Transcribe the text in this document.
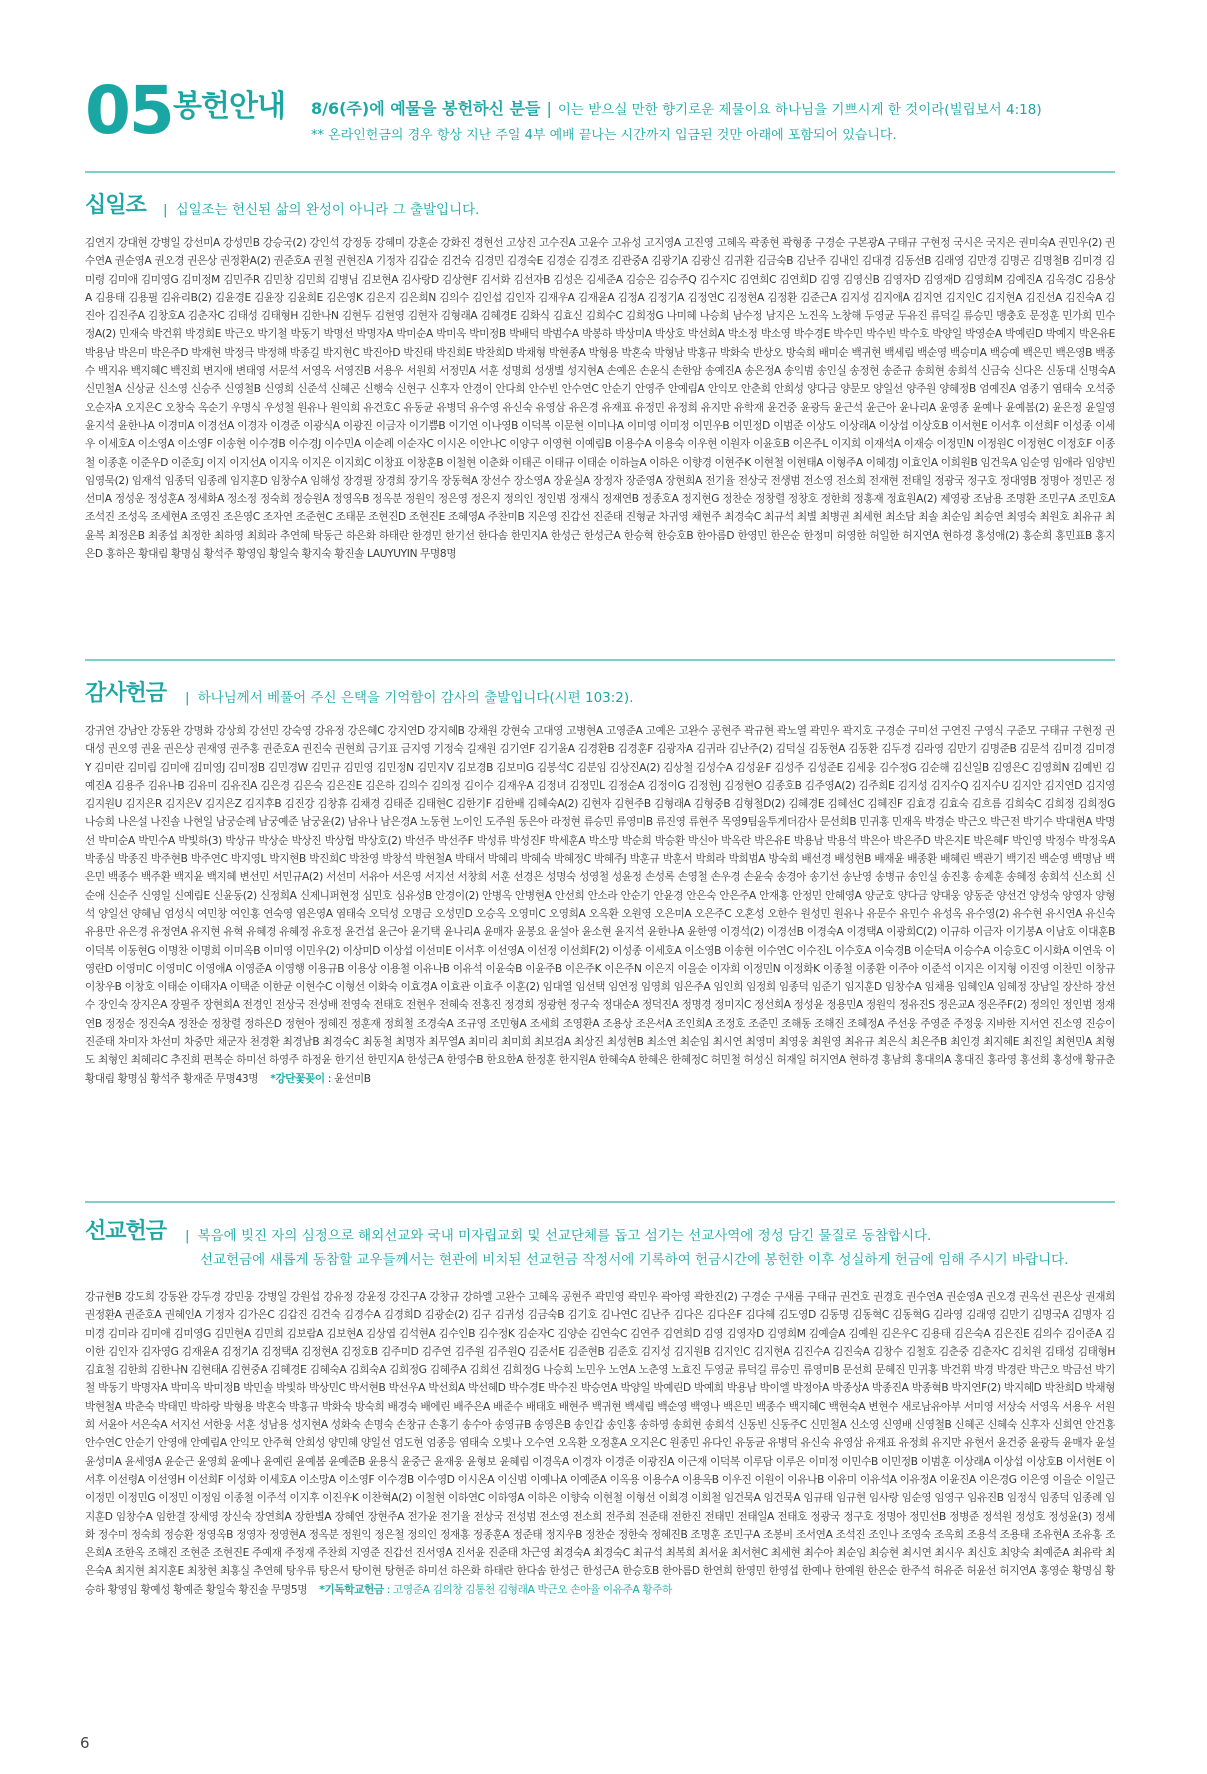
05 봉헌안내 8/6(주)에 예물을 봉헌하신 분들 | 이는 받으실 만한 향기로운 제물이요 하나님을 기쁘시게 한 것이라(빌립보서 4:18)
** 온라인헌금의 경우 항상 지난 주일 4부 예배 끝나는 시간까지 입금된 것만 아래에 포함되어 있습니다.
십일조 | 십일조는 헌신된 삶의 완성이 아니라 그 출발입니다.
김연지 강대현 강병일 강선미A 강성민B 강승국(2) 강인석 강정동 강혜미 강훈순 강화진 경현선 고상진 고수진A 고윤수 고유성 고지영A 고진영 고혜옥 곽종현 곽형종 구경순 구본광A 구태규 구현정 국시은 국지은 권미숙A 권민우(2) 권수연A 권순영A 권오경 권은상 권정환A(2) 권준호A 권철 권현진A 기정자 김갑순 김건숙 김경민 김경숙E 김경순 김경조 김관중A 김광기A 김광신 김귀환 김금숙B 김난주 김내인 김대경 김동선B 김래영 김만경 김명곤 김명철B 김미경 김미령 김미애 김미영G 김미정M 김민주R 김민창 김민희 김병님 김보현A 김사랑D 김상현F 김서화 김선자B 김성은 김세준A 김승은 김승주Q 김수지C 김연희C 김연희D 김영 김영신B 김영자D 김영재D 김영희M 김예진A 김옥경C 김용상A 김용태 김용필 김유리B(2) 김윤경E 김윤장 김윤희E 김은영K 김은지 김은희N 김의수 김인섭 김인자 김재우A 김재윤A 김정A 김정기A 김정연C 김정현A 김정환 김준근A 김지성 김지애A 김지연 김지인C 김지현A 김진선A 김진숙A 김진아 김진주A 김창호A 김춘자C 김태성 김태형H 김한나N 김현두 김현영 김현자 김형래A 김혜경E 김화식 김효신 김희수C 김희정G 나미혜 나승희 남수정 남지은 노진옥 노창해 두영균 두유진 류덕길 류승민 맹충호 문정훈 민가희 민수정A(2) 민재숙 박건휘 박경희E 박근오 박기철 박동기 박명선 박명자A 박미순A 박미옥 박미정B 박배덕 박범수A 박봉하 박상미A 박상호 박선희A 박소정 박소영 박수경E 박수민 박수빈 박수호 박양일 박영순A 박예린D 박예지 박온유E 박용남 박은미 박은주D 박재현 박정극 박정해 박종길 박지현C 박진아D 박진태 박진희E 박찬희D 박채형 박현종A 박형용 박혼숙 박형남 박홍규 박화숙 반상오 방숙희 배미순 백귀현 백세림 백순영 백승미A 백승예 백은민 백은영B 백종수 백지유 백지혜C 백진희 변지애 변태영 서문석 서영옥 서영진B 서용우 서원희 서정민A 서훈 성명희 성생별 성지현A 손예은 손운식 손한암 송예진A 송은정A 송익범 송인실 송정현 송준규 송희현 송희석 신금숙 신다은 신동대 신명숙A 신민철A 신상균 신소영 신승주 신영철B 신영희 신준석 신혜곤 신행숙 신현구 신후자 안경이 안다희 안수빈 안수연C 안순기 안영주 안예림A 안익모 안춘희 안희성 양다금 양문모 양일선 양주원 양혜정B 엄예진A 엄종기 염태숙 오석중 오순자A 오지은C 오창숙 옥순기 우명식 우성철 원유나 원익희 유건호C 유동균 유병덕 유수영 유신숙 유영삼 유은경 유재표 유정민 유정희 유지만 유학재 윤건중 윤광득 윤근석 윤근아 윤나리A 윤영종 윤예나 윤예봄(2) 윤은정 윤일영 윤지석 윤한나A 이경미A 이경선A 이경자 이경준 이광식A 이광진 이금자 이기쁨B 이기연 이나영B 이덕복 이문현 이미나A 이미영 이미정 이민우B 이민정D 이범준 이상도 이상래A 이상섭 이상호B 이서현E 이서후 이선희F 이성종 이세우 이세호A 이소영A 이소영F 이송현 이수경B 이수경J 이수민A 이순례 이순자C 이시온 이안나C 이양구 이영현 이예림B 이용수A 이용숙 이우현 이원자 이윤호B 이은주L 이지희 이재석A 이재승 이정민N 이정원C 이정현C 이정호F 이종철 이종훈 이준우D 이준호J 이지 이지선A 이지욱 이지은 이지희C 이창표 이창훈B 이철현 이춘화 이태곤 이태규 이태순 이하늘A 이하은 이향경 이현주K 이현철 이현태A 이형주A 이혜경J 이효인A 이희원B 임건욱A 임순영 임애라 임양빈 임영묵(2) 임재석 임종덕 임종례 임지훈D 임창수A 임해성 장경필 장경희 장기옥 장동혁A 장선수 장소영A 장윤실A 장정자 장준영A 장현희A 전기율 전상국 전생범 전소영 전소희 전재현 전태일 정광국 정구호 정대영B 정명아 정민곤 정선미A 정성운 정성훈A 정세화A 정소정 정숙희 정승원A 정영옥B 정옥분 정원익 정은영 정은지 정의인 정인범 정재식 정재연B 정종호A 정지현G 정찬순 정창렬 정창호 정한희 정홍재 정효원A(2) 제영광 조남용 조명환 조민구A 조민호A 조석진 조성옥 조세현A 조영진 조은영C 조자연 조준현C 조태문 조현진D 조현진E 조혜영A 주찬미B 지은영 진갑선 진준태 진형균 차귀영 채현주 최경숙C 최규석 최별 최병권 최세현 최소담 최솔 최순임 최승연 최영숙 최원호 최유규 최윤복 최정은B 최종섭 최정한 최하영 최희라 추연혜 탁동근 하은화 하태란 한경민 한기선 한다솜 한민지A 한성근 한성근A 한승혁 한승호B 한아름D 한영민 한은순 한정미 허영한 허일한 허지연A 현하경 홍성애(2) 홍순희 홍민표B 홍지은D 홍하은 황대림 황명심 황석주 황영임 황일숙 황지숙 황진솔 LAUYUYIN 무명8명
감사헌금 | 하나님께서 베풀어 주신 은택을 기억함이 감사의 출발입니다(시편 103:2).
강귀연 강남안 강동완 강명화 강상희 강선민 강숙영 강유정 강은혜C 강지연D 강지혜B 강채원 강현숙 고대영 고병현A 고영준A 고예은 고완수 공현주 곽규현 곽노열 곽민우 곽지호 구경순 구미선 구연진 구영식 구준모 구태규 구현정 권대성 권오영 권윤 권은상 권재영 권주홍 권준호A 권진숙 권현희 금기표 금지영 기정숙 길재원 김기연F 김기윤A 김경환B 김경훈F 김광자A 김귀라 김난주(2) 김덕실 김동현A 김동환 김두경 김라영 김만기 김명준B 김문석 김미경 김미경Y 김미란 김미림 김미애 김미영J 김미정B 김민경W 김민규 김민영 김민정N 김민지V 김보경B 김보미G 김봉석C 김분임 김상진A(2) 김상철 김성수A 김성윤F 김성주 김성준E 김세웅 김수정G 김순해 김신일B 김영은C 김영희N 김예빈 김예진A 김용주 김유나B 김유미 김유진A 김은경 김은숙 김은진E 김은하 김의수 김의정 김이수 김재우A 김정녀 김정민L 김정순A 김정이G 김정현J 김정현O 김종호B 김주영A(2) 김주희E 김지성 김지수Q 김지수U 김지안 김지연D 김지영 김지원U 김지은R 김지은V 김지은Z 김지후B 김진강 김창휴 김채경 김태준 김태현C 김한기F 김한배 김혜숙A(2) 김현자 김현주B 김형래A 김형중B 김형철D(2) 김혜경E 김혜선C 김혜진F 김효경 김효숙 김흐름 김희숙C 김희정 김희정G 나승희 나은설 나진솔 나현일 남궁순례 남궁예준 남궁윤(2) 남유나 남은경A 노동현 노이인 도주원 동은아 라정현 류승민 류영미B 류진영 류현주 목영9팀올투게더감사 문선희B 민귀홍 민재옥 박경순 박근오 박근전 박기수 박대현A 박명선 박미순A 박민수A 박빛하(3) 박상규 박상순 박상진 박상협 박상호(2) 박선주 박선주F 박성류 박성진F 박세훈A 박소망 박순희 박승환 박신아 박옥란 박은유E 박용남 박용석 박은아 박은주D 박은지E 박은혜F 박인영 박정수 박정욱A 박종심 박종진 박주현B 박주연C 박지영L 박지현B 박진희C 박찬영 박창석 박현철A 박태서 박혜리 박혜숙 박혜정C 박혜주J 박훈규 박훈서 박희라 박희범A 방숙희 배선경 배성현B 배재윤 배종환 배혜린 백관기 백기진 백순영 백명남 백은민 백종수 백주환 백지윤 백지혜 변선민 서민규A(2) 서선미 서유아 서은영 서지선 서창희 서훈 선경은 성명숙 성영철 성윤정 손성록 손영철 손우경 손윤숙 송경아 송기선 송난영 송병규 송인실 송진홍 송제훈 송혜정 송희석 신소희 신순애 신순주 신영일 신예림E 신윤동(2) 신정희A 신제니퍼현정 심민호 심유성B 안경이(2) 안병옥 안병현A 안선희 안소라 안순기 안윤경 안은숙 안은주A 안재홍 안정민 안혜영A 양군호 양다금 양대웅 양동준 양선건 양성숙 양영자 양형석 양일선 양혜님 엄성식 여민창 여인홍 연숙영 염은영A 염태숙 오덕성 오명금 오성민D 오승옥 오영미C 오영희A 오옥환 오원영 오은미A 오은주C 오혼성 오한수 원성민 원유나 유문수 유민수 유성옥 유수영(2) 유수현 유시연A 유신숙 유용만 유은경 유정연A 유지현 유혁 유혜경 유혜정 유호정 윤건섭 윤근아 윤기택 윤나리A 윤매자 윤봉요 윤설아 윤소현 윤지석 윤한나A 윤한영 이경석(2) 이경선B 이경숙A 이경택A 이광희C(2) 이규하 이금자 이기봉A 이남호 이대훈B 이덕복 이동현G 이명찬 이명희 이미옥B 이미영 이민우(2) 이상미D 이상섭 이선미E 이서후 이선영A 이선정 이선희F(2) 이성종 이세호A 이소영B 이송현 이수연C 이수진L 이수호A 이숙경B 이순덕A 이승수A 이승호C 이시화A 이연욱 이영란D 이영미C 이영미C 이영애A 이영준A 이영행 이용규B 이용상 이용철 이유나B 이유석 이윤숙B 이윤주B 이은주K 이은주N 이은지 이을순 이자희 이정민N 이정화K 이종철 이종환 이주아 이준석 이지은 이지형 이진영 이찬민 이창규 이창우B 이창호 이태순 이태자A 이택준 이한균 이현수C 이형선 이화숙 이효경A 이효관 이효주 이훈(2) 임대열 임선택 임연정 임영희 임은주A 임인희 임정희 임종덕 임준기 임지훈D 임창수A 임채용 임혜인A 임혜정 장남일 장산하 장선수 장인숙 장지은A 장필주 장현희A 전경인 전상국 전성배 전영숙 전태호 전현우 전혜숙 전홍진 정경희 정광현 정구숙 정대순A 정덕진A 정명경 정미지C 정선희A 정성윤 정용민A 정원익 정유진S 정은교A 정은주F(2) 정의인 정인범 정재연B 정정순 정진숙A 정찬순 정창렬 정하은D 정현아 정혜진 정훈재 정희철 조경숙A 조규영 조민형A 조세희 조영환A 조용상 조은서A 조인희A 조정호 조준민 조해동 조해진 조혜정A 주선웅 주영준 주정웅 지바한 지서연 진소영 진승이 진준태 차미자 차선미 차중만 채군자 천경환 최경남B 최경숙C 최동철 최명자 최무열A 최미리 최미희 최보검A 최상진 최성현B 최소연 최순임 최시연 최영미 최영웅 최원영 최유규 최은식 최은주B 최인경 최지혜E 최진일 최현민A 최형도 최형인 최혜리C 추진희 편복순 하미선 하영주 하정윤 한기선 한민지A 한성근A 한영수B 한요한A 한정훈 한지원A 한혜숙A 한혜은 한혜정C 허민철 허성신 허재일 허지연A 현하경 홍남희 홍대의A 홍대진 홍라영 홍선희 홍성애 황규춘 황대림 황명심 황석주 황재준 무명43명 *강단꽃꽂이 : 윤선미B
선교헌금 | 복음에 빚진 자의 심정으로 해외선교와 국내 미자립교회 및 선교단체를 돕고 섬기는 선교사역에 정성 담긴 물질로 동참합시다.
선교헌금에 새롭게 동참할 교우들께서는 현관에 비치된 선교헌금 작정서에 기록하여 헌금시간에 봉헌한 이후 성실하게 헌금에 임해 주시기 바랍니다.
강규현B 강도희 강동완 강두경 강민웅 강병일 강원섭 강유정 강윤정 강진구A 강창규 강하엘 고완수 고혜옥 공현주 곽민영 곽민우 곽아영 곽한진(2) 구경순 구새롬 구태규 권건호 권경호 권수연A 권순영A 권오경 권옥선 권은상 권재희 권정환A 권준호A 권혜인A 기정자 김가은C 김갑진 김건숙 김경수A 김경희D 김광순(2) 김구 김귀성 김금숙B 김기호 김나연C 김난주 김다은 김다은F 김다혜 김도영D 김동명 김동혁C 김동혁G 김라영 김래영 김만기 김명국A 김명자 김미경 김미라 김미애 김미영G 김민현A 김민희 김보람A 김보현A 김상엽 김석현A 김수인B 김수정K 김순자C 김양순 김연숙C 김연주 김연희D 김영 김영자D 김영희M 김예슬A 김예원 김은우C 김용태 김은숙A 김은진E 김의수 김이준A 김이한 김인자 김자영G 김재윤A 김정기A 김정택A 김정현A 김정호B 김주미D 김주연 김주원 김주원Q 김준서E 김준현B 김준호 김지성 김지원B 김지인C 김지현A 김진수A 김진숙A 김창수 김철호 김춘중 김춘자C 김치원 김태성 김태형H 김효철 김한희 김한나N 김현태A 김현중A 김혜경E 김혜숙A 김희숙A 김희정G 김혜주A 김희선 김희정G 나승희 노민우 노연A 노춘영 노효진 두영균 류덕길 류승민 류영미B 문선희 문혜진 민귀홍 박건휘 박경 박경란 박근오 박금선 박기철 박동기 박명자A 박미옥 박미정B 박민솔 박빛하 박상민C 박서현B 박선우A 박선희A 박선혜D 박수경E 박수진 박승연A 박양일 박예린D 박예희 박용남 박이엘 박정아A 박종상A 박종진A 박종혁B 박지연F(2) 박지혜D 박찬희D 박채형 박현철A 박춘숙 박태민 박하랑 박형용 박혼숙 박홍규 박화숙 방숙희 배경숙 배에린 배주은A 배준수 배태호 배현주 백귀현 백세림 백순영 백영나 백은민 백종수 백지혜C 백현숙A 변현수 새로남유아부 서미영 서상숙 서영옥 서용우 서원희 서윤아 서은숙A 서지선 서한웅 서훈 성남용 성지현A 성화숙 손명숙 손창규 손홍기 송수아 송영규B 송영은B 송인갑 송인홍 송하영 송희현 송희석 신동빈 신동주C 신민철A 신소영 신영배 신영철B 신혜곤 신혜숙 신후자 신희연 안건홍 안수연C 안순기 안영애 안예림A 안익모 안주혁 안희성 양민혜 양일선 엄도현 엄종응 염태숙 오빛나 오수연 오옥환 오정훈A 오지은C 원종민 유다인 유동균 유병덕 유신숙 유영삼 유재표 유정희 유지만 유현서 윤건중 윤광득 윤매자 윤설 윤성미A 윤세영A 윤순근 윤영희 윤예나 윤예린 윤예봄 윤예준B 윤용식 윤중근 윤재웅 윤형보 윤혜림 이경옥A 이경자 이경준 이광진A 이근재 이덕복 이루담 이루은 이미정 이민수B 이민정B 이범훈 이상래A 이상섭 이상호B 이서현E 이서후 이선령A 이선영H 이선희F 이성화 이세호A 이소망A 이소영F 이수경B 이수영D 이시온A 이신범 이예나A 이예준A 이옥용 이용수A 이용옥B 이우진 이원이 이유나B 이유미 이유석A 이유정A 이윤진A 이은경G 이은영 이을순 이일근 이정민 이정민G 이정민 이정임 이종철 이주석 이지후 이진우K 이찬혁A(2) 이철현 이하연C 이하영A 이하은 이향숙 이현철 이형선 이희경 이희철 임건묵A 임건묵A 임규태 임규현 임사랑 임순영 임영구 임유진B 임정식 임종덕 임종례 임지훈D 임창수A 임한결 장세영 장신숙 장연희A 장한별A 장혜연 장현주A 전가윤 전기율 전상국 전성범 전소영 전소희 전주희 전준태 전한진 전태민 전태일A 전태호 정광국 정구호 정명아 정민선B 정병준 정석원 정성호 정성윤(3) 정세화 정수미 정숙희 정승환 정영옥B 정영자 정영현A 정옥분 정원익 정은철 정의인 정재홍 정종훈A 정준태 정지우B 정찬순 정한숙 정혜진B 조명훈 조민구A 조봉비 조서연A 조석진 조인나 조영숙 조옥희 조용석 조용태 조유현A 조유홍 조은희A 조한옥 조해진 조현준 조현진E 주예재 주정재 주찬희 지영준 진갑선 진서영A 진서윤 진준태 차근영 최경숙A 최경숙C 최규석 최복희 최서윤 최서현C 최세현 최수아 최순임 최승현 최시연 최시우 최신호 최양숙 최예준A 최유락 최은숙A 최지현 최지훈E 최창현 최홍실 추연혜 탕우류 탕은서 탕이현 탕현준 하미선 하은화 하태란 한다솜 한성근 한성근A 한승호B 한아름D 한연희 한영민 한영섭 한예나 한예원 한은순 한주석 허유준 허윤선 허지연A 홍영순 황명심 황승하 황영임 황예성 황예준 황일숙 황진솔 무명5명 *기독학교헌금 : 고영준A 김의창 김통천 김형래A 박근오 손아율 이유주A 황주하
6
